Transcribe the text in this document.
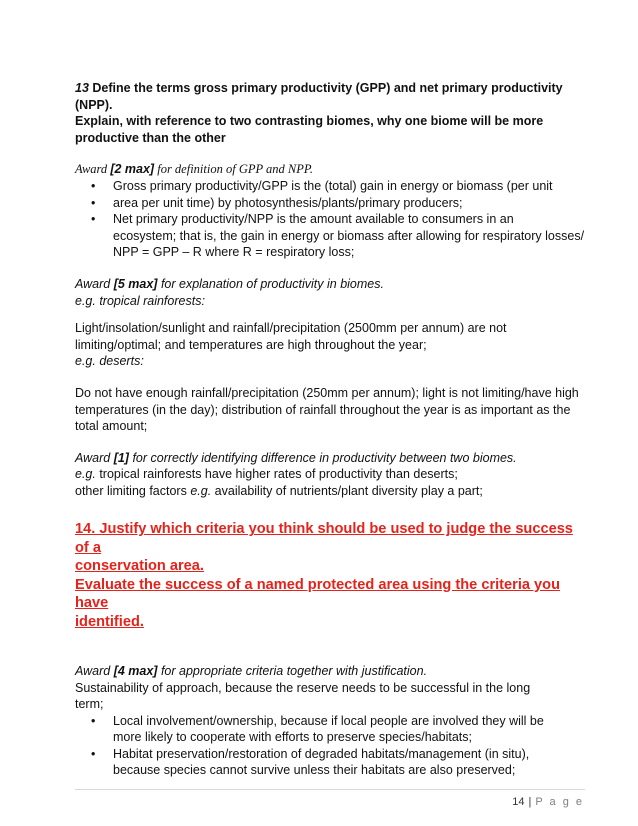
13 Define the terms gross primary productivity (GPP) and net primary productivity
(NPP).
Explain, with reference to two contrasting biomes, why one biome will be more
productive than the other
Award [2 max] for definition of GPP and NPP.
• Gross primary productivity/GPP is the (total) gain in energy or biomass (per unit
• area per unit time) by photosynthesis/plants/primary producers;
• Net primary productivity/NPP is the amount available to consumers in an
ecosystem; that is, the gain in energy or biomass after allowing for respiratory losses/
NPP = GPP – R where R = respiratory loss;
Award [5 max] for explanation of productivity in biomes.
e.g. tropical rainforests:
Light/insolation/sunlight and rainfall/precipitation (2500mm per annum) are not
limiting/optimal; and temperatures are high throughout the year;
e.g. deserts:
Do not have enough rainfall/precipitation (250mm per annum); light is not limiting/have high
temperatures (in the day); distribution of rainfall throughout the year is as important as the
total amount;
Award [1] for correctly identifying difference in productivity between two biomes.
e.g. tropical rainforests have higher rates of productivity than deserts;
other limiting factors e.g. availability of nutrients/plant diversity play a part;
14. Justify which criteria you think should be used to judge the success of a
conservation area.
Evaluate the success of a named protected area using the criteria you have
identified.
Award [4 max] for appropriate criteria together with justification.
Sustainability of approach, because the reserve needs to be successful in the long
term;
• Local involvement/ownership, because if local people are involved they will be
more likely to cooperate with efforts to preserve species/habitats;
• Habitat preservation/restoration of degraded habitats/management (in situ),
because species cannot survive unless their habitats are also preserved;
14 | P a g e
